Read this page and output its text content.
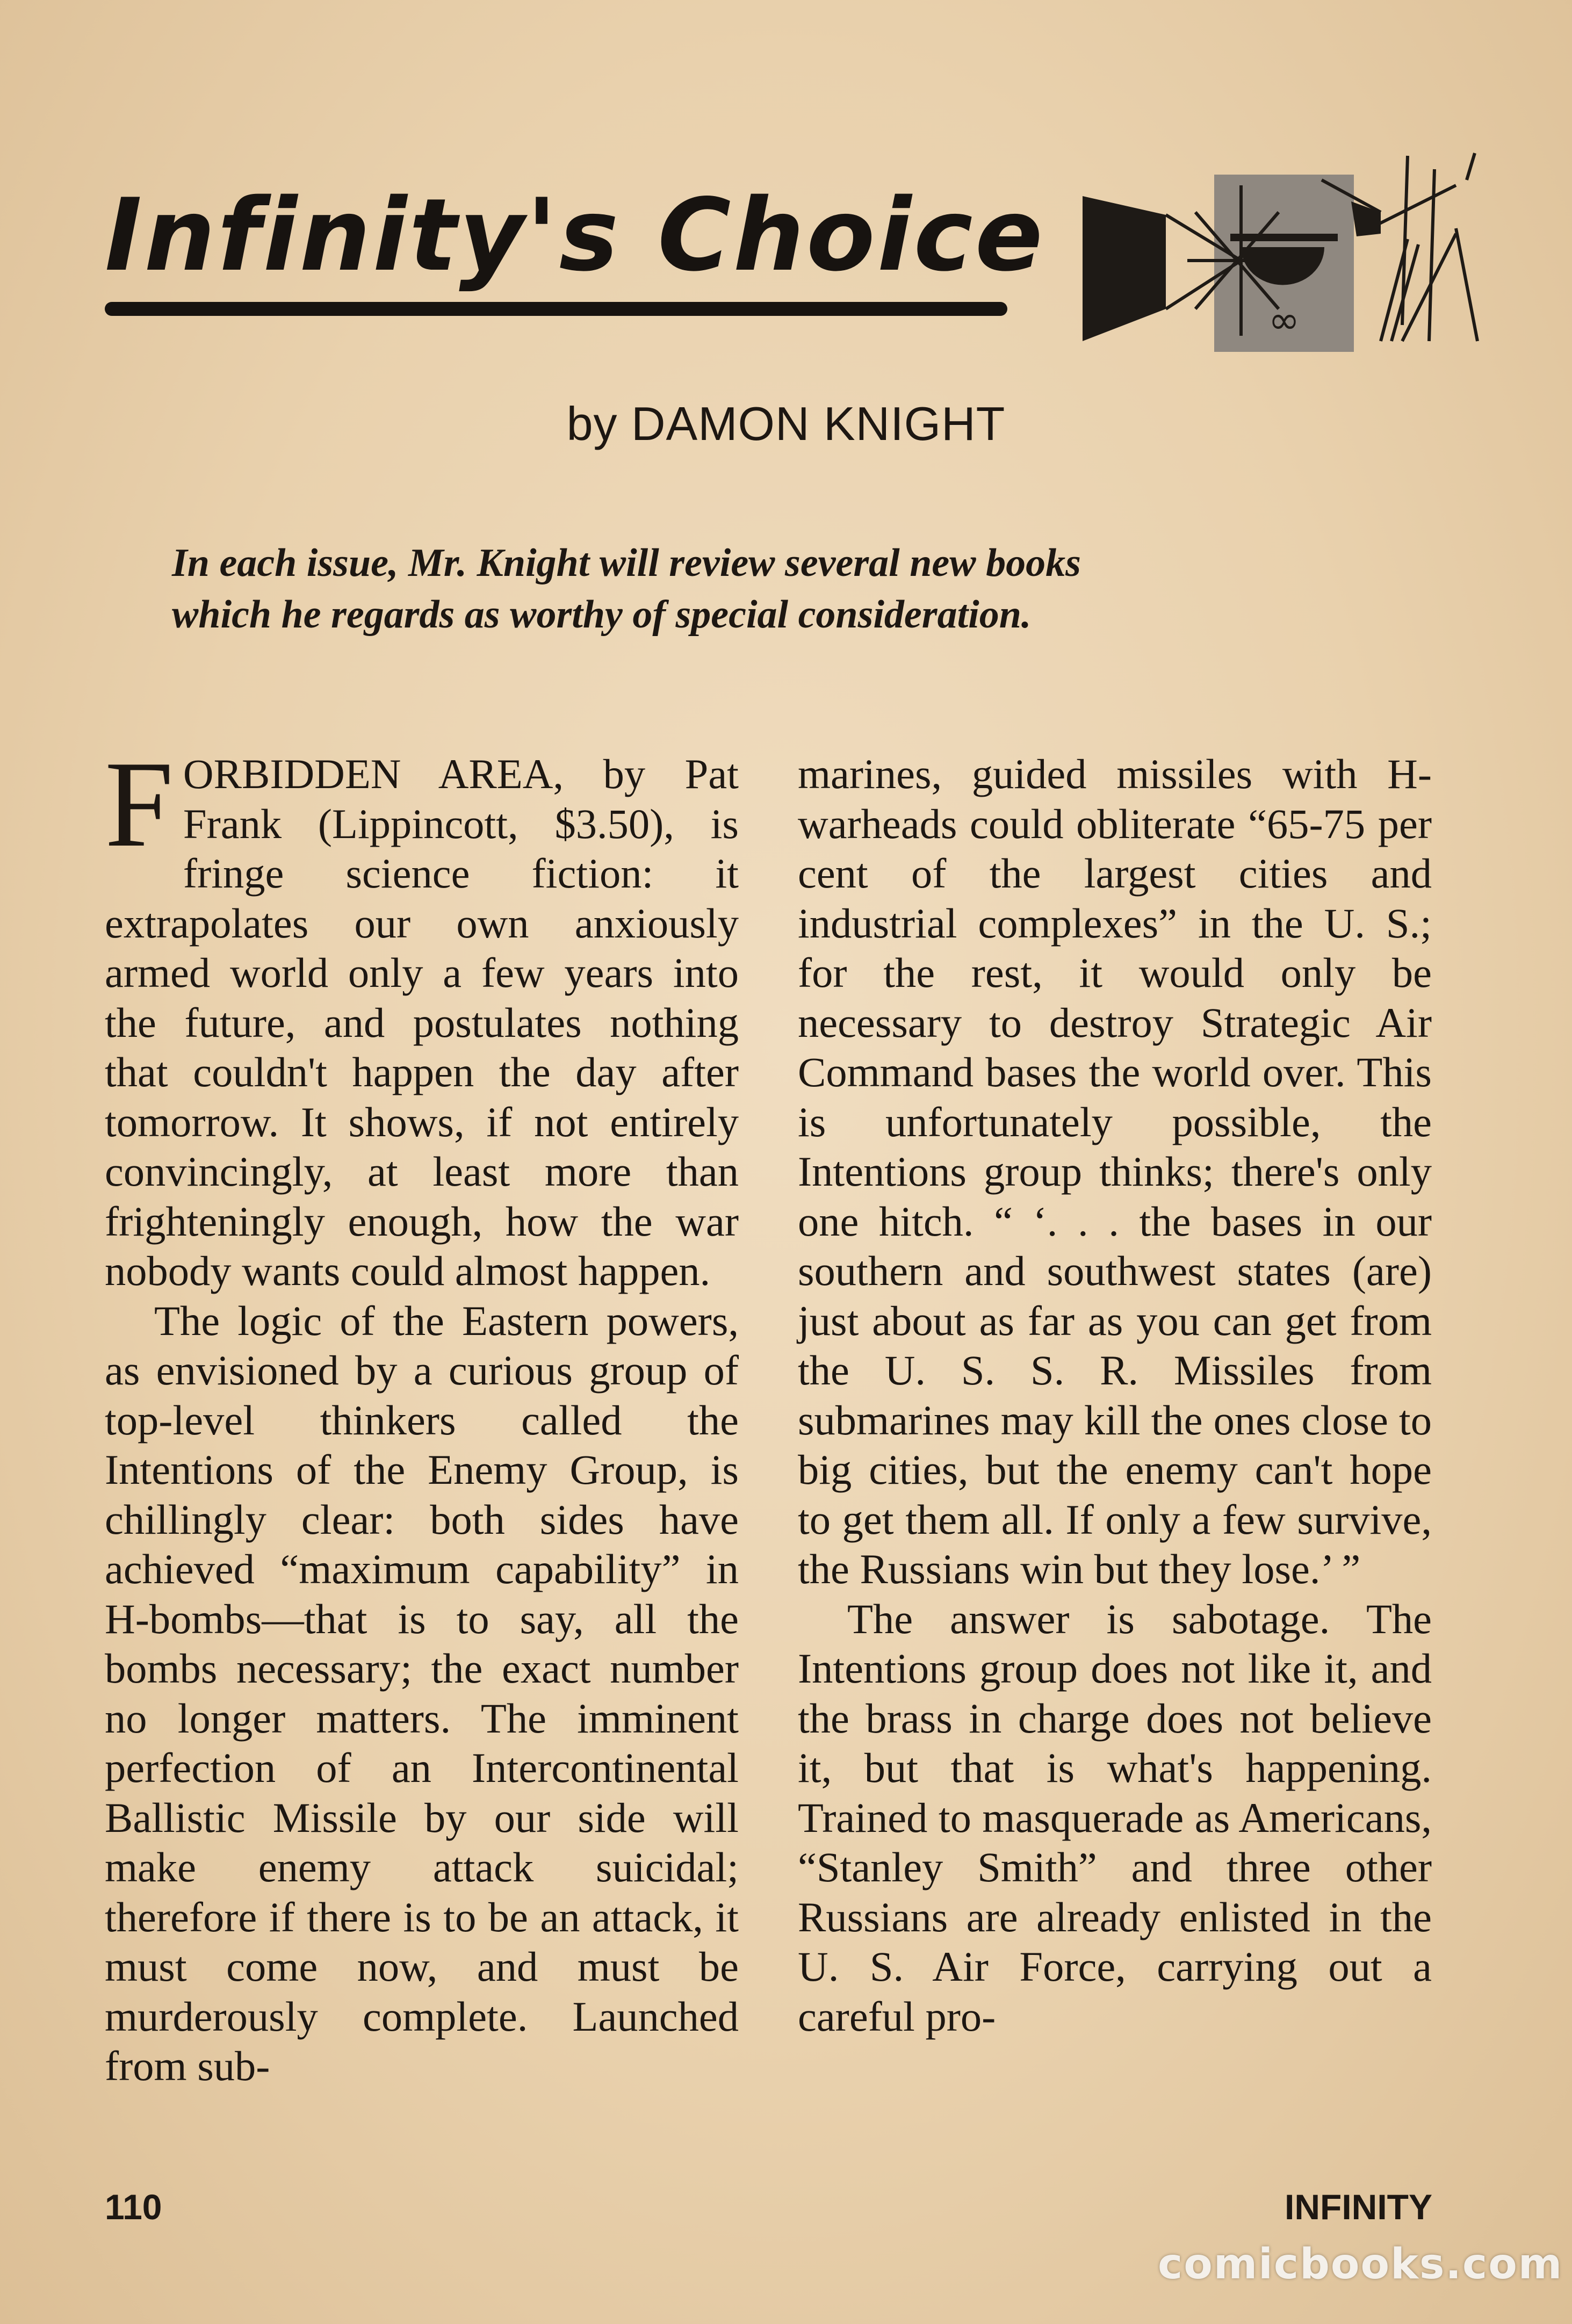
Infinity's Choice
∞
by DAMON KNIGHT
In each issue, Mr. Knight will review several new books
which he regards as worthy of special consideration.

FORBIDDEN AREA, by Pat Frank (Lippincott, $3.50), is fringe science fiction: it extrapolates our own anxiously armed world only a few years into the future, and postulates nothing that couldn't happen the day after tomorrow. It shows, if not entirely convincingly, at least more than frighteningly enough, how the war nobody wants could almost happen.

The logic of the Eastern powers, as envisioned by a curious group of top-level thinkers called the Intentions of the Enemy Group, is chillingly clear: both sides have achieved “maximum capability” in H-bombs—that is to say, all the bombs necessary; the exact number no longer matters. The imminent perfection of an Intercontinental Ballistic Missile by our side will make enemy attack suicidal; therefore if there is to be an attack, it must come now, and must be murderously complete. Launched from sub-

marines, guided missiles with H-warheads could obliterate “65-75 per cent of the largest cities and industrial complexes” in the U. S.; for the rest, it would only be necessary to destroy Strategic Air Command bases the world over. This is unfortunately possible, the Intentions group thinks; there's only one hitch. “ ‘. . . the bases in our southern and southwest states (are) just about as far as you can get from the U. S. S. R. Missiles from submarines may kill the ones close to big cities, but the enemy can't hope to get them all. If only a few survive, the Russians win but they lose.’ ”

The answer is sabotage. The Intentions group does not like it, and the brass in charge does not believe it, but that is what's happening. Trained to masquerade as Americans, “Stanley Smith” and three other Russians are already enlisted in the U. S. Air Force, carrying out a careful pro-

110	INFINITY
comicbooks.com
